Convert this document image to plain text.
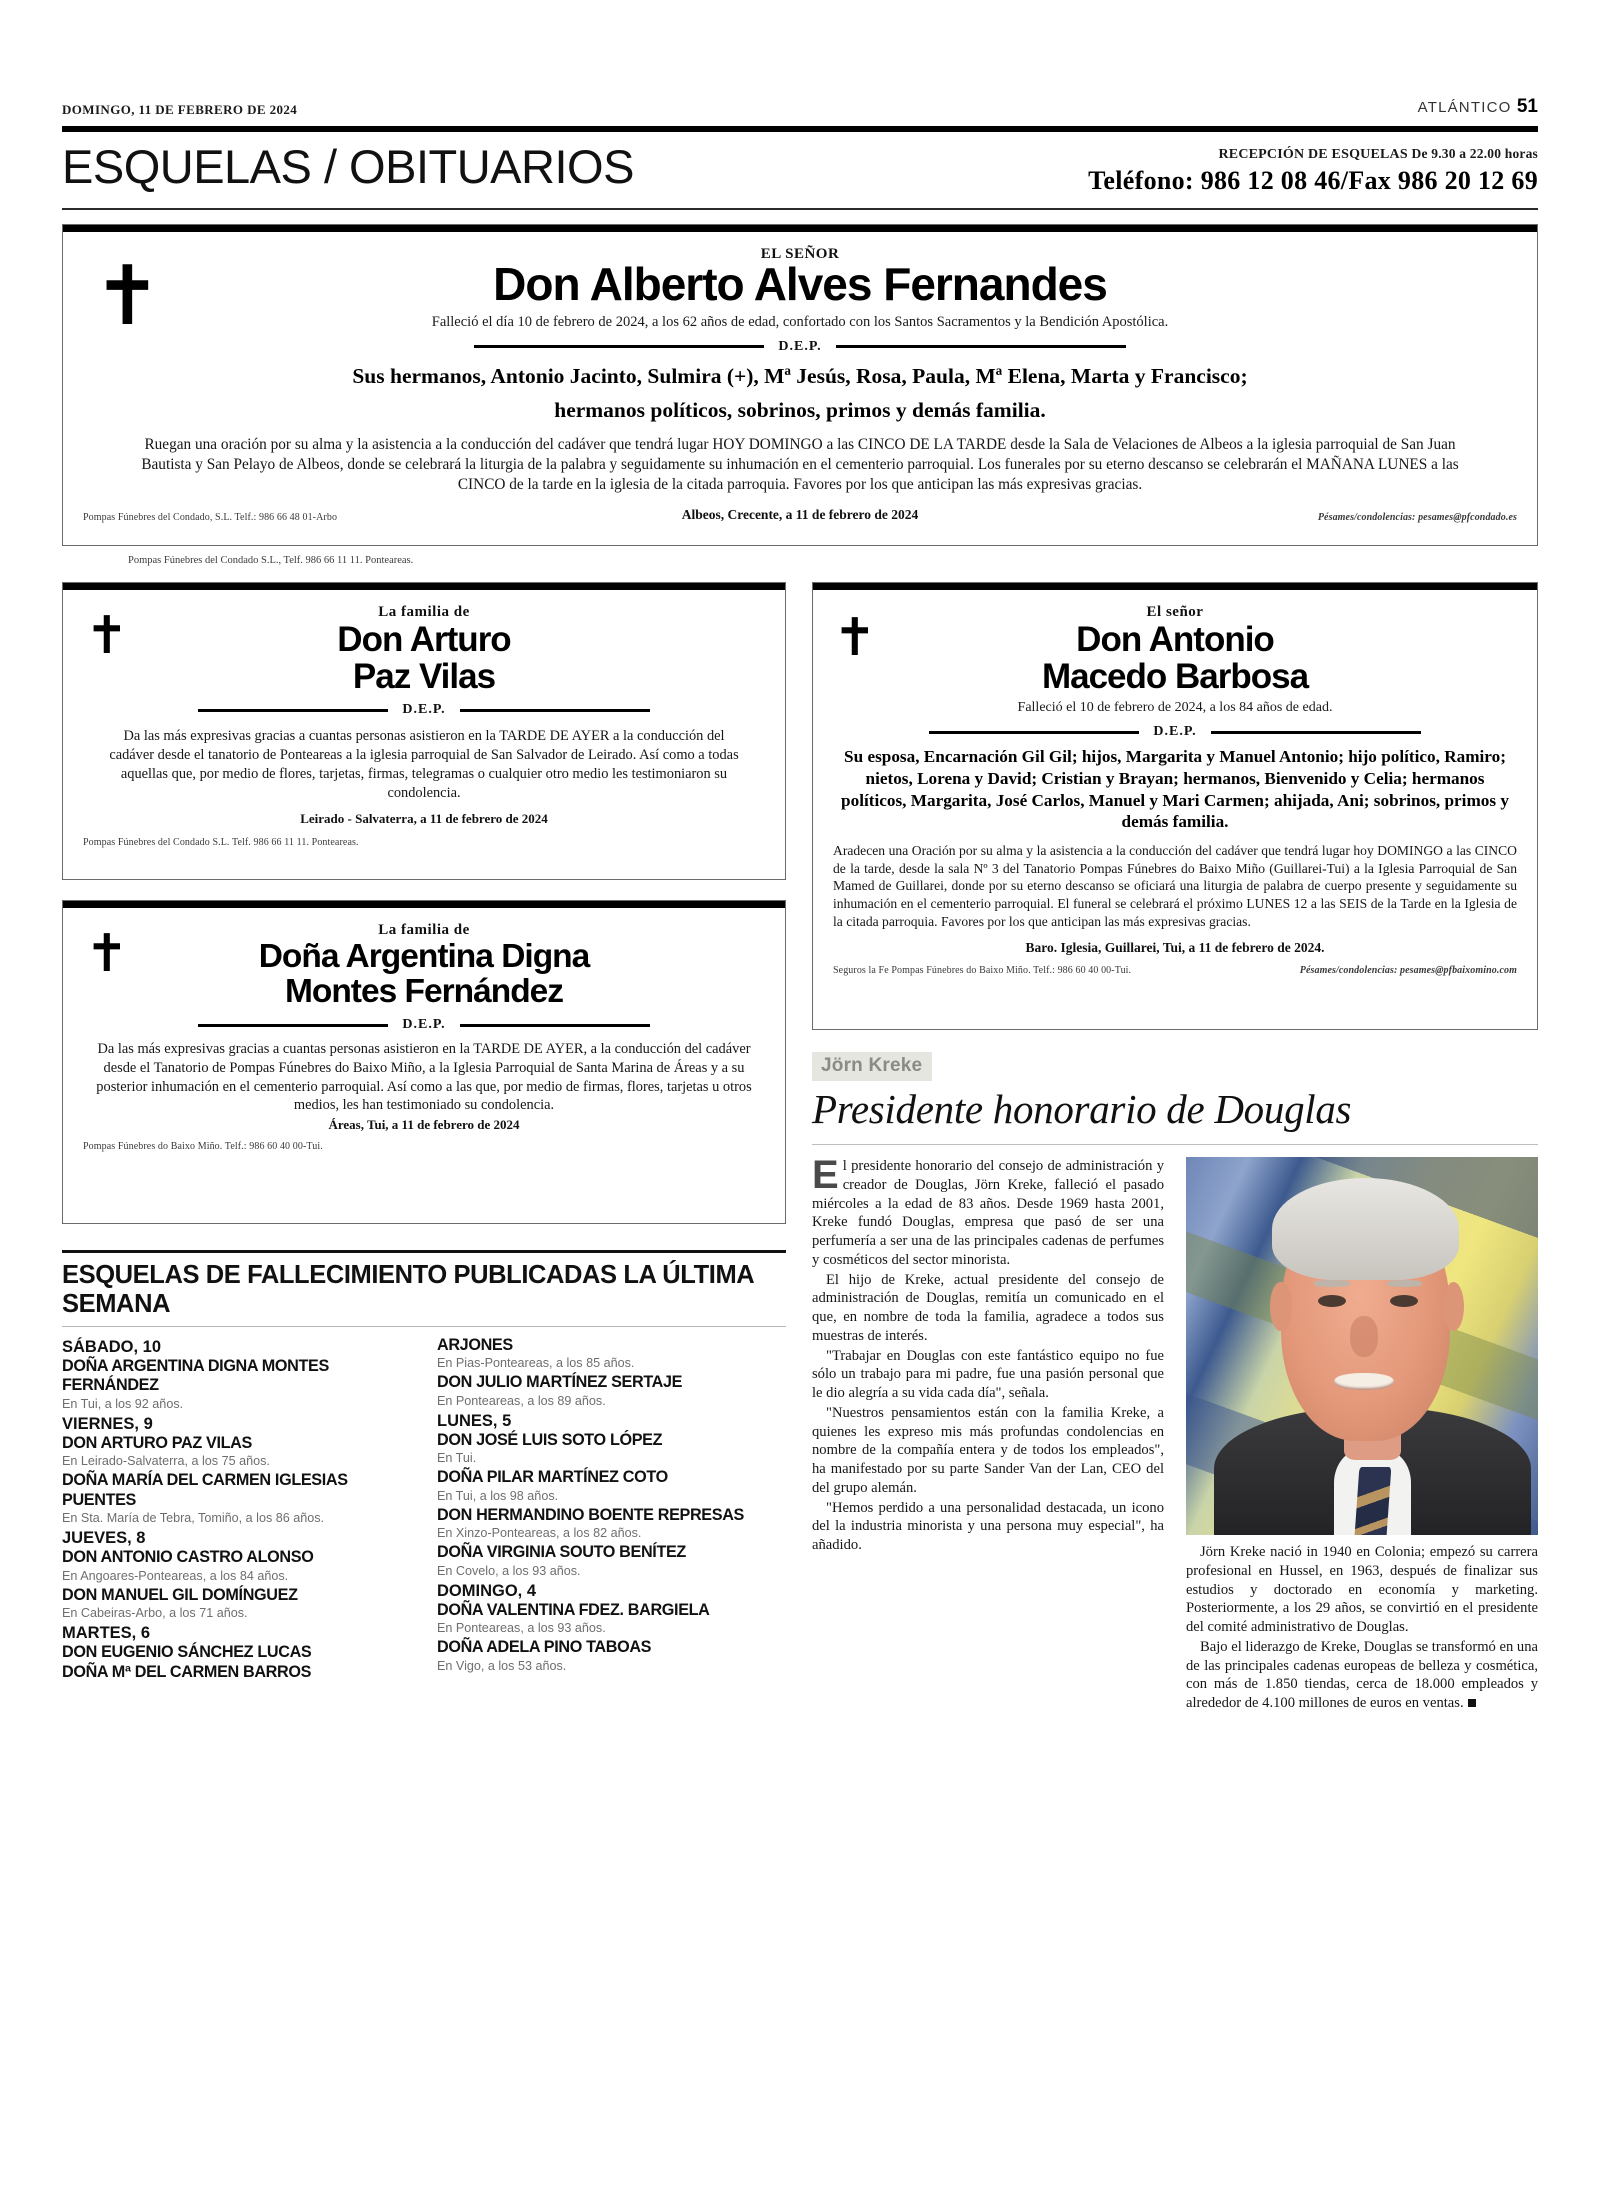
DOMINGO, 11 DE FEBRERO DE 2024	ATLÁNTICO 51
ESQUELAS / OBITUARIOS	RECEPCIÓN DE ESQUELAS De 9.30 a 22.00 horas
Teléfono: 986 12 08 46/Fax 986 20 12 69
✝	EL SEÑOR
Don Alberto Alves Fernandes
Falleció el día 10 de febrero de 2024, a los 62 años de edad, confortado con los Santos Sacramentos y la Bendición Apostólica.
D.E.P.
Sus hermanos, Antonio Jacinto, Sulmira (+), Mª Jesús, Rosa, Paula, Mª Elena, Marta y Francisco;
hermanos políticos, sobrinos, primos y demás familia.
Ruegan una oración por su alma y la asistencia a la conducción del cadáver que tendrá lugar HOY DOMINGO a las CINCO DE LA TARDE desde la Sala de Velaciones de Albeos a la iglesia parroquial de San Juan Bautista y San Pelayo de Albeos, donde se celebrará la liturgia de la palabra y seguidamente su inhumación en el cementerio parroquial. Los funerales por su eterno descanso se celebrarán el MAÑANA LUNES a las CINCO de la tarde en la iglesia de la citada parroquia. Favores por los que anticipan las más expresivas gracias.
Pompas Fúnebres del Condado, S.L. Telf.: 986 66 48 01-Arbo	Albeos, Crecente, a 11 de febrero de 2024	Pésames/condolencias: pesames@pfcondado.es
Pompas Fúnebres del Condado S.L., Telf. 986 66 11 11. Ponteareas.
✝	La familia de
Don Arturo
Paz Vilas
D.E.P.
Da las más expresivas gracias a cuantas personas asistieron en la TARDE DE AYER a la conducción del cadáver desde el tanatorio de Ponteareas a la iglesia parroquial de San Salvador de Leirado. Así como a todas aquellas que, por medio de flores, tarjetas, firmas, telegramas o cualquier otro medio les testimoniaron su condolencia.
Leirado - Salvaterra, a 11 de febrero de 2024
Pompas Fúnebres del Condado S.L. Telf. 986 66 11 11. Ponteareas.
✝	La familia de
Doña Argentina Digna
Montes Fernández
D.E.P.
Da las más expresivas gracias a cuantas personas asistieron en la TARDE DE AYER, a la conducción del cadáver desde el Tanatorio de Pompas Fúnebres do Baixo Miño, a la Iglesia Parroquial de Santa Marina de Áreas y a su posterior inhumación en el cementerio parroquial. Así como a las que, por medio de firmas, flores, tarjetas u otros medios, les han testimoniado su condolencia.
Áreas, Tui, a 11 de febrero de 2024
Pompas Fúnebres do Baixo Miño. Telf.: 986 60 40 00-Tui.
ESQUELAS DE FALLECIMIENTO PUBLICADAS LA ÚLTIMA SEMANA
SÁBADO, 10
DOÑA ARGENTINA DIGNA MONTES FERNÁNDEZ
En Tui, a los 92 años.
VIERNES, 9
DON ARTURO PAZ VILAS
En Leirado-Salvaterra, a los 75 años.
DOÑA MARÍA DEL CARMEN IGLESIAS PUENTES
En Sta. María de Tebra, Tomiño, a los 86 años.
JUEVES, 8
DON ANTONIO CASTRO ALONSO
En Angoares-Ponteareas, a los 84 años.
DON MANUEL GIL DOMÍNGUEZ
En Cabeiras-Arbo, a los 71 años.
MARTES, 6
DON EUGENIO SÁNCHEZ LUCAS
DOÑA Mª DEL CARMEN BARROS
ARJONES
En Pias-Ponteareas, a los 85 años.
DON JULIO MARTÍNEZ SERTAJE
En Ponteareas, a los 89 años.
LUNES, 5
DON JOSÉ LUIS SOTO LÓPEZ
En Tui.
DOÑA PILAR MARTÍNEZ COTO
En Tui, a los 98 años.
DON HERMANDINO BOENTE REPRESAS
En Xinzo-Ponteareas, a los 82 años.
DOÑA VIRGINIA SOUTO BENÍTEZ
En Covelo, a los 93 años.
DOMINGO, 4
DOÑA VALENTINA FDEZ. BARGIELA
En Ponteareas, a los 93 años.
DOÑA ADELA PINO TABOAS
En Vigo, a los 53 años.
✝	El señor
Don Antonio
Macedo Barbosa
Falleció el 10 de febrero de 2024, a los 84 años de edad.
D.E.P.
Su esposa, Encarnación Gil Gil; hijos, Margarita y Manuel Antonio; hijo político, Ramiro; nietos, Lorena y David; Cristian y Brayan; hermanos, Bienvenido y Celia; hermanos políticos, Margarita, José Carlos, Manuel y Mari Carmen; ahijada, Ani; sobrinos, primos y demás familia.
Aradecen una Oración por su alma y la asistencia a la conducción del cadáver que tendrá lugar hoy DOMINGO a las CINCO de la tarde, desde la sala Nº 3 del Tanatorio Pompas Fúnebres do Baixo Miño (Guillarei-Tui) a la Iglesia Parroquial de San Mamed de Guillarei, donde por su eterno descanso se oficiará una liturgia de palabra de cuerpo presente y seguidamente su inhumación en el cementerio parroquial. El funeral se celebrará el próximo LUNES 12 a las SEIS de la Tarde en la Iglesia de la citada parroquia. Favores por los que anticipan las más expresivas gracias.
Baro. Iglesia, Guillarei, Tui, a 11 de febrero de 2024.
Seguros la Fe Pompas Fúnebres do Baixo Miño. Telf.: 986 60 40 00-Tui.	Pésames/condolencias: pesames@pfbaixomino.com
Jörn Kreke
Presidente honorario de Douglas

El presidente honorario del consejo de administración y creador de Douglas, Jörn Kreke, falleció el pasado miércoles a la edad de 83 años. Desde 1969 hasta 2001, Kreke fundó Douglas, empresa que pasó de ser una perfumería a ser una de las principales cadenas de perfumes y cosméticos del sector minorista.

El hijo de Kreke, actual presidente del consejo de administración de Douglas, remitía un comunicado en el que, en nombre de toda la familia, agradece a todos sus muestras de interés.

"Trabajar en Douglas con este fantástico equipo no fue sólo un trabajo para mi padre, fue una pasión personal que le dio alegría a su vida cada día", señala.

"Nuestros pensamientos están con la familia Kreke, a quienes les expreso mis más profundas condolencias en nombre de la compañía entera y de todos los empleados", ha manifestado por su parte Sander Van der Lan, CEO del del grupo alemán.

"Hemos perdido a una personalidad destacada, un icono del la industria minorista y una persona muy especial", ha añadido.	Jörn Kreke nació in 1940 en Colonia; empezó su carrera profesional en Hussel, en 1963, después de finalizar sus estudios y doctorado en economía y marketing. Posteriormente, a los 29 años, se convirtió en el presidente del comité administrativo de Douglas.

Bajo el liderazgo de Kreke, Douglas se transformó en una de las principales cadenas europeas de belleza y cosmética, con más de 1.850 tiendas, cerca de 18.000 empleados y alrededor de 4.100 millones de euros en ventas.
